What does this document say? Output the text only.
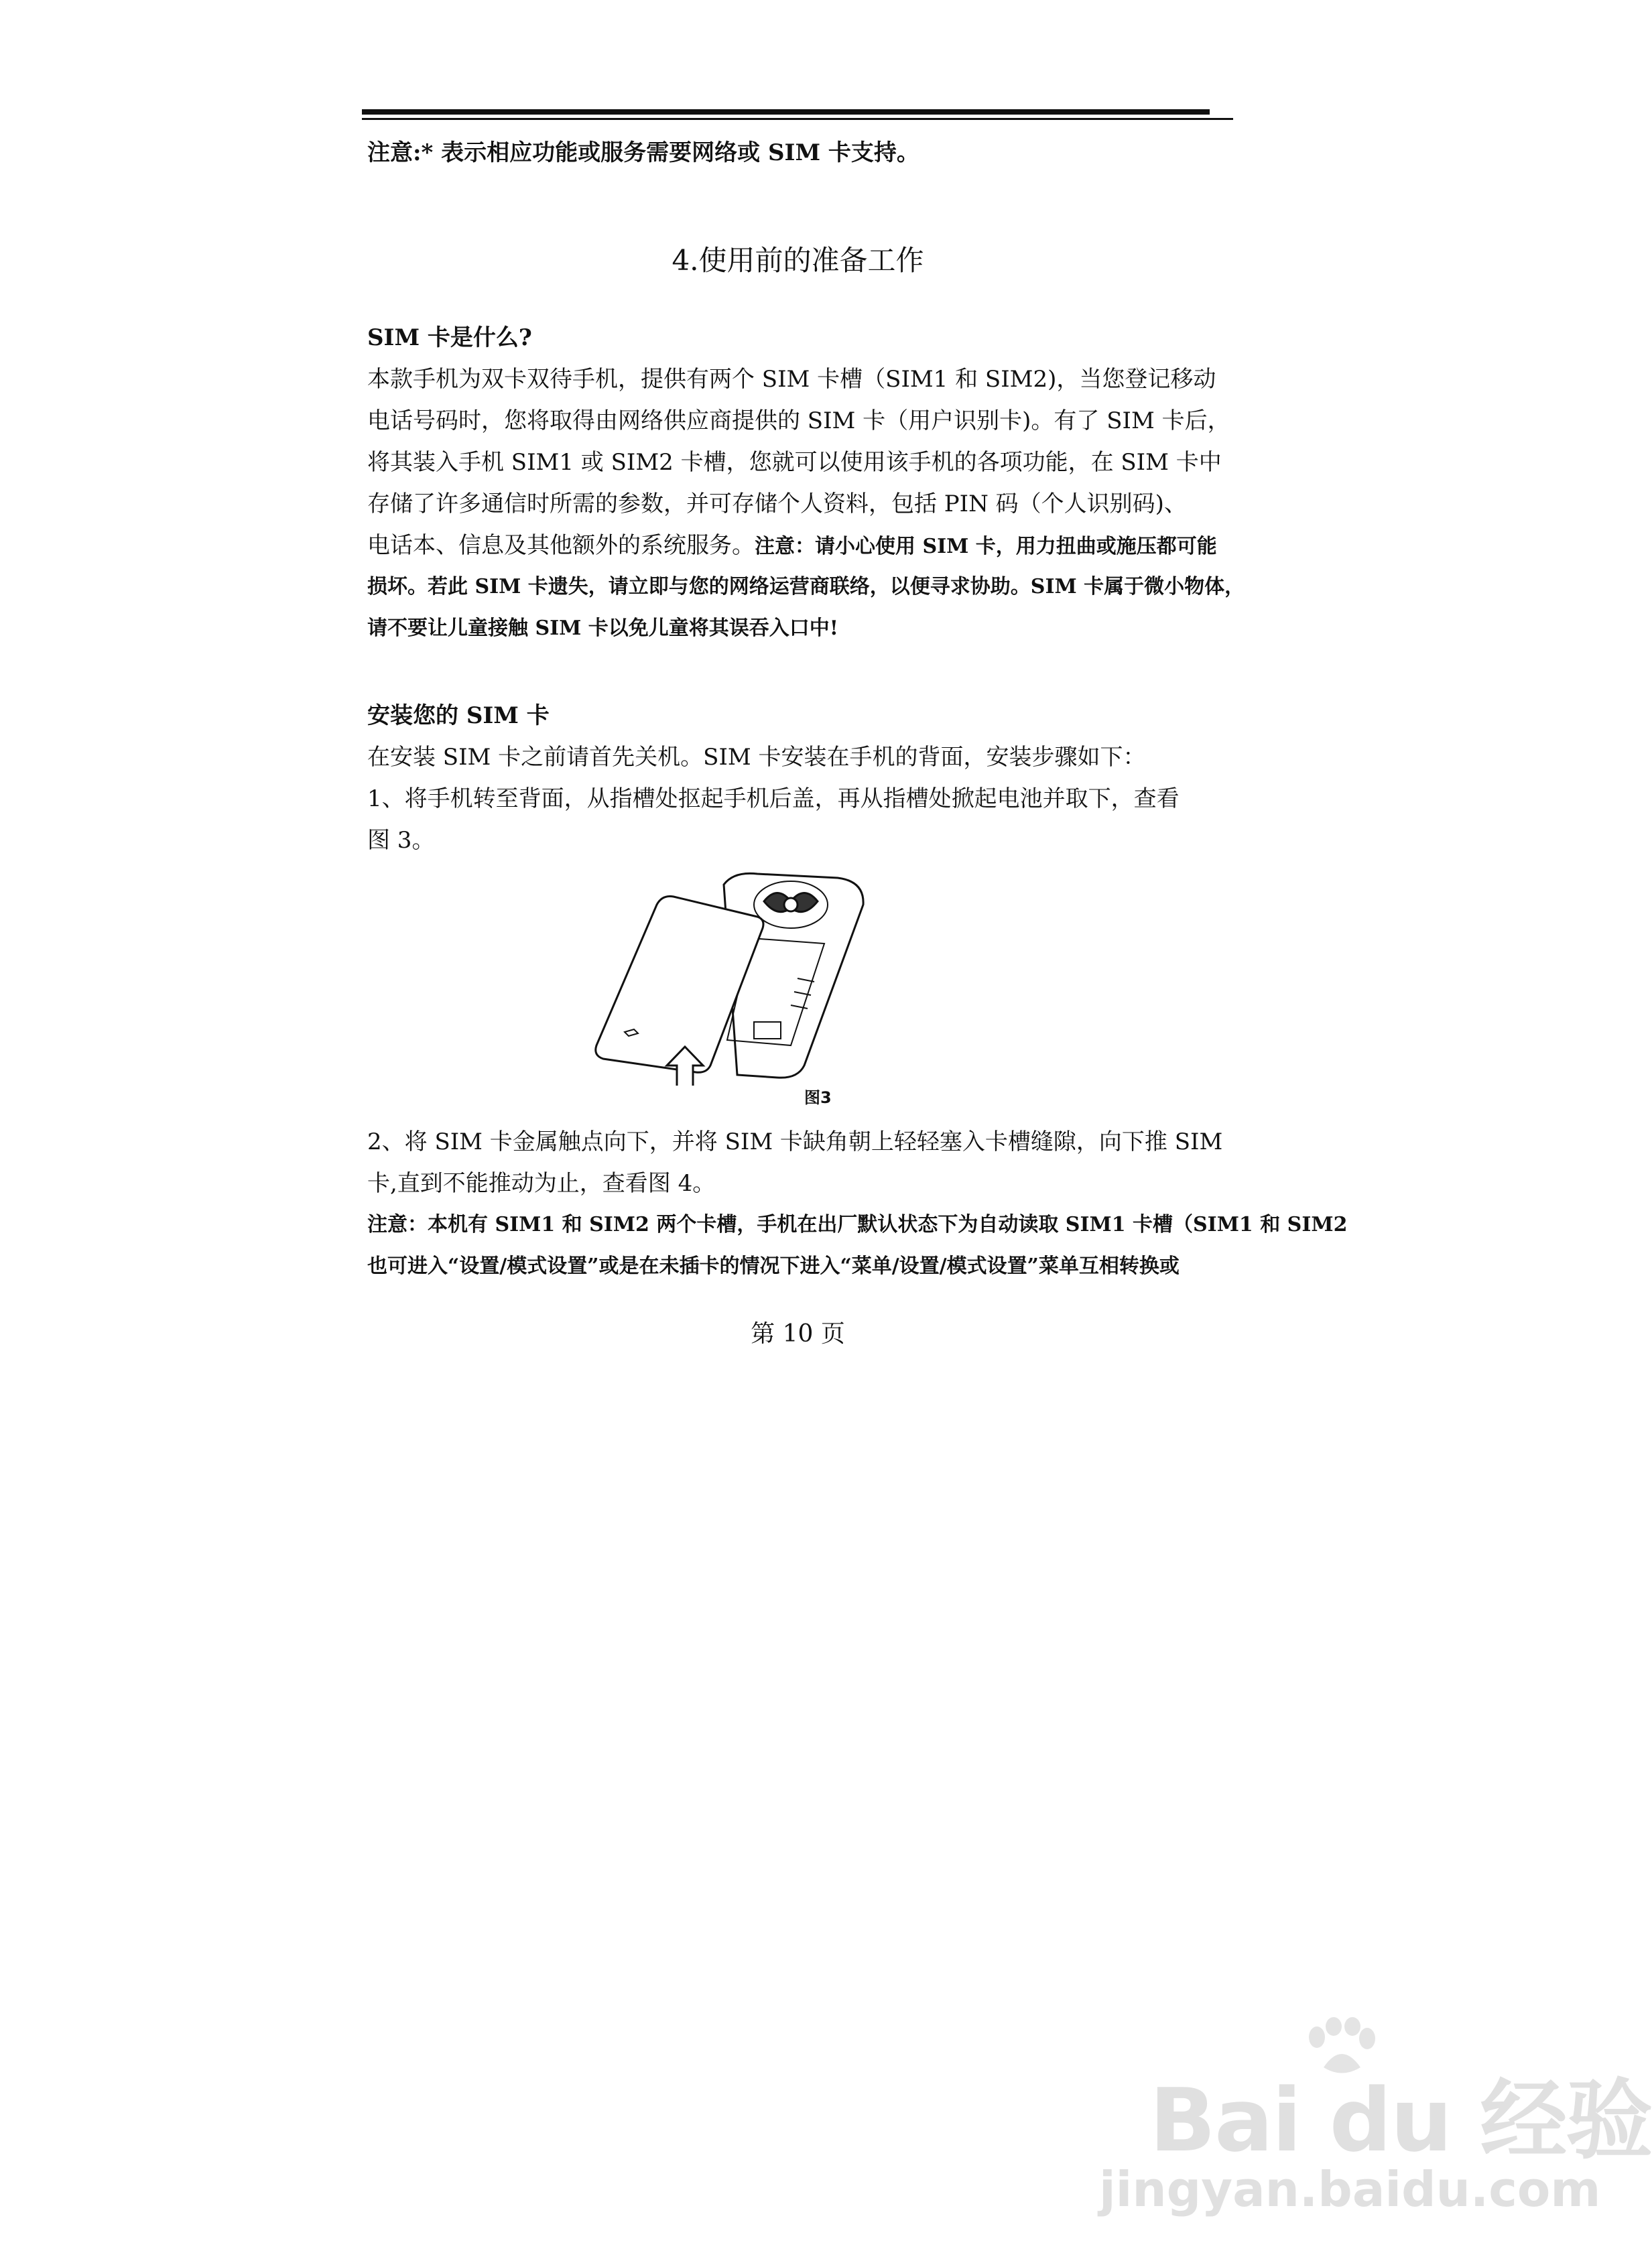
注意:* 表示相应功能或服务需要网络或 SIM 卡支持。
4.使用前的准备工作
SIM 卡是什么?
本款手机为双卡双待手机，提供有两个 SIM 卡槽（SIM1 和 SIM2)，当您登记移动
电话号码时，您将取得由网络供应商提供的 SIM 卡（用户识别卡)。有了 SIM 卡后，
将其装入手机 SIM1 或 SIM2 卡槽，您就可以使用该手机的各项功能，在 SIM 卡中
存储了许多通信时所需的参数，并可存储个人资料，包括 PIN 码（个人识别码)、
电话本、信息及其他额外的系统服务。注意：请小心使用 SIM 卡，用力扭曲或施压都可能
损坏。若此 SIM 卡遗失，请立即与您的网络运营商联络，以便寻求协助。SIM 卡属于微小物体，
请不要让儿童接触 SIM 卡以免儿童将其误吞入口中!
安装您的 SIM 卡
在安装 SIM 卡之前请首先关机。SIM 卡安装在手机的背面，安装步骤如下：
1、将手机转至背面，从指槽处抠起手机后盖，再从指槽处掀起电池并取下，查看
图 3。
图3
2、将 SIM 卡金属触点向下，并将 SIM 卡缺角朝上轻轻塞入卡槽缝隙，向下推 SIM
卡,直到不能推动为止，查看图 4。
注意：本机有 SIM1 和 SIM2 两个卡槽，手机在出厂默认状态下为自动读取 SIM1 卡槽（SIM1 和 SIM2
也可进入“设置/模式设置”或是在未插卡的情况下进入“菜单/设置/模式设置”菜单互相转换或
第 10 页
Bai du 经验
jingyan.baidu.com
